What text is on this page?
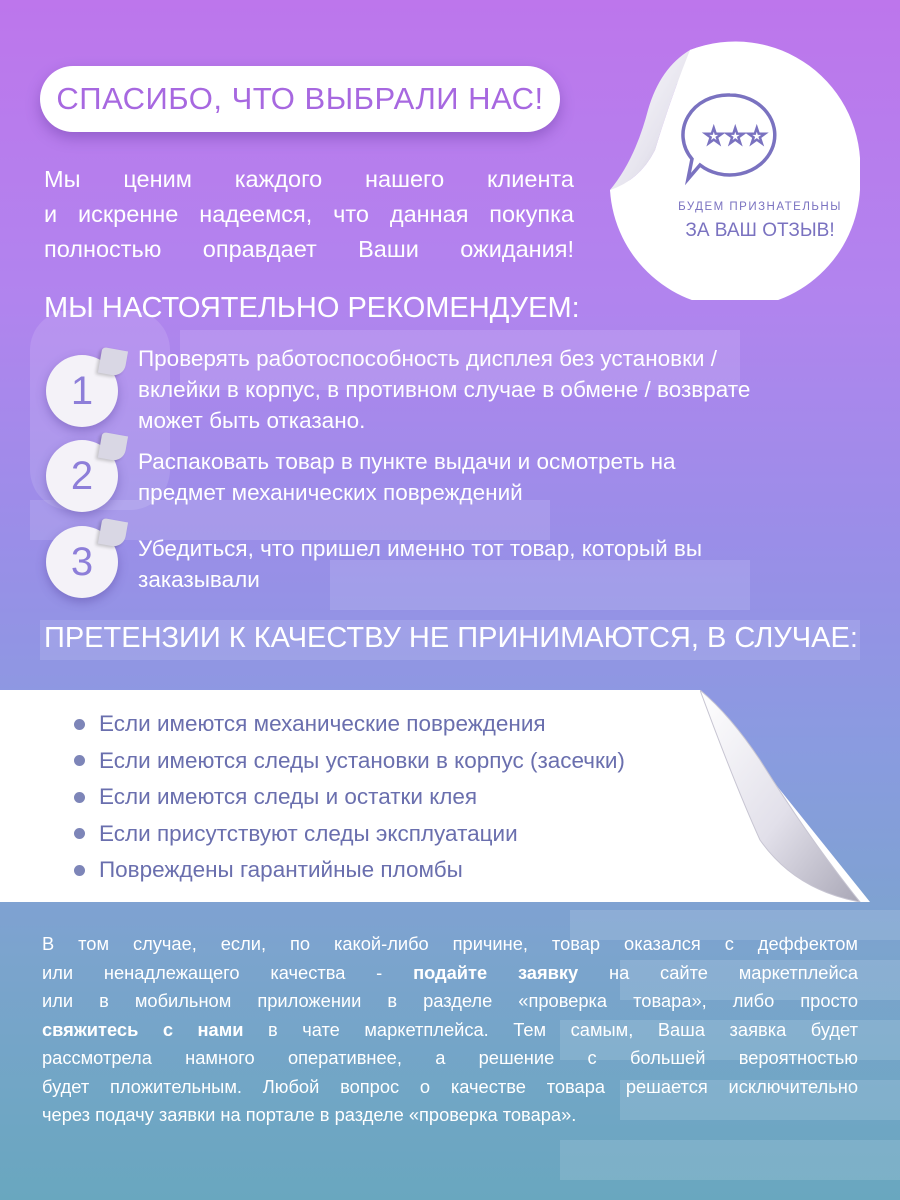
СПАСИБО, ЧТО ВЫБРАЛИ НАС!
Мы ценим каждого нашего клиента
и искренне надеемся, что данная покупка
полностью оправдает Ваши ожидания!
☆☆☆
БУДЕМ ПРИЗНАТЕЛЬНЫ
ЗА ВАШ ОТЗЫВ!
МЫ НАСТОЯТЕЛЬНО РЕКОМЕНДУЕМ:
1
Проверять работоспособность дисплея без установки /
вклейки в корпус, в противном случае в обмене / возврате
может быть отказано.
2 Распаковать товар в пункте выдачи и осмотреть на
предмет механических повреждений
3 Убедиться, что пришел именно тот товар, который вы
заказывали
ПРЕТЕНЗИИ К КАЧЕСТВУ НЕ ПРИНИМАЮТСЯ, В СЛУЧАЕ:
Если имеются механические повреждения
Если имеются следы установки в корпус (засечки)
Если имеются следы и остатки клея
Если присутствуют следы эксплуатации
Повреждены гарантийные пломбы
В том случае, если, по какой-либо причине, товар оказался с деффектом
или ненадлежащего качества - подайте заявку на сайте маркетплейса
или в мобильном приложении в разделе «проверка товара», либо просто
свяжитесь с нами в чате маркетплейса. Тем самым, Ваша заявка будет
рассмотрела намного оперативнее, а решение с большей вероятностью
будет пложительным. Любой вопрос о качестве товара решается исключительно
через подачу заявки на портале в разделе «проверка товара».
